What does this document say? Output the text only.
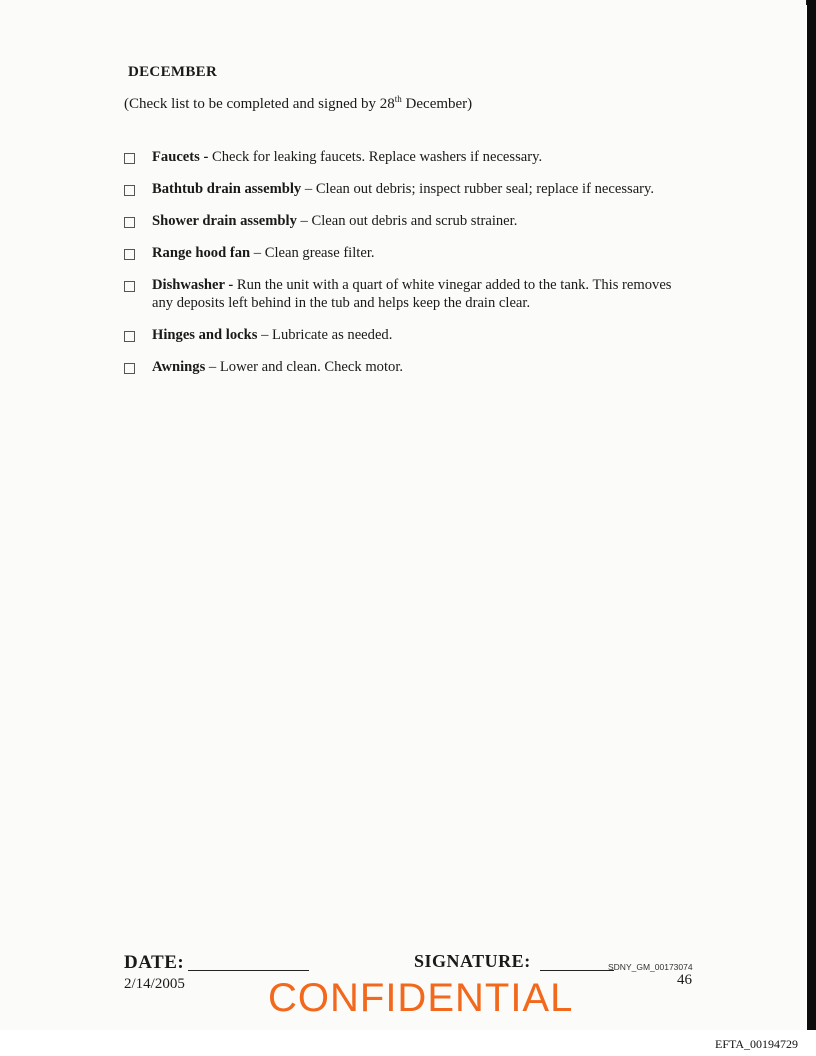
DECEMBER
(Check list to be completed and signed by 28th December)
Faucets - Check for leaking faucets. Replace washers if necessary.
Bathtub drain assembly – Clean out debris; inspect rubber seal; replace if necessary.
Shower drain assembly – Clean out debris and scrub strainer.
Range hood fan – Clean grease filter.
Dishwasher - Run the unit with a quart of white vinegar added to the tank. This removes any deposits left behind in the tub and helps keep the drain clear.
Hinges and locks – Lubricate as needed.
Awnings – Lower and clean. Check motor.
DATE:
2/14/2005
SIGNATURE:	SDNY_GM_00173074
46
CONFIDENTIAL
EFTA_00194729
